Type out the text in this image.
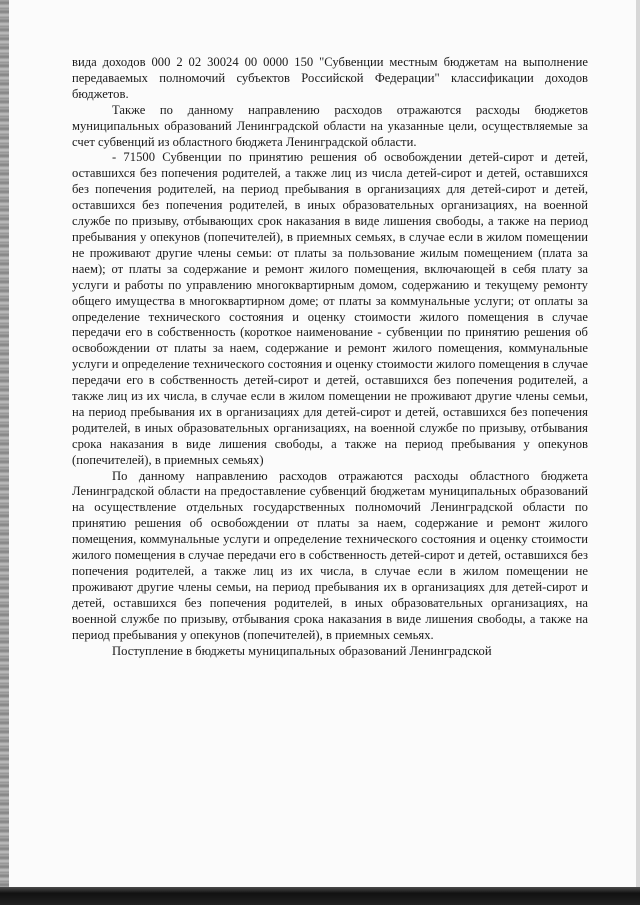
вида доходов 000 2 02 30024 00 0000 150 "Субвенции местным бюджетам на выполнение передаваемых полномочий субъектов Российской Федерации" классификации доходов бюджетов.

Также по данному направлению расходов отражаются расходы бюджетов муниципальных образований Ленинградской области на указанные цели, осуществляемые за счет субвенций из областного бюджета Ленинградской области.

- 71500 Субвенции по принятию решения об освобождении детей-сирот и детей, оставшихся без попечения родителей, а также лиц из числа детей-сирот и детей, оставшихся без попечения родителей, на период пребывания в организациях для детей-сирот и детей, оставшихся без попечения родителей, в иных образовательных организациях, на военной службе по призыву, отбывающих срок наказания в виде лишения свободы, а также на период пребывания у опекунов (попечителей), в приемных семьях, в случае если в жилом помещении не проживают другие члены семьи: от платы за пользование жилым помещением (плата за наем); от платы за содержание и ремонт жилого помещения, включающей в себя плату за услуги и работы по управлению многоквартирным домом, содержанию и текущему ремонту общего имущества в многоквартирном доме; от платы за коммунальные услуги; от оплаты за определение технического состояния и оценку стоимости жилого помещения в случае передачи его в собственность (короткое наименование - субвенции по принятию решения об освобождении от платы за наем, содержание и ремонт жилого помещения, коммунальные услуги и определение технического состояния и оценку стоимости жилого помещения в случае передачи его в собственность детей-сирот и детей, оставшихся без попечения родителей, а также лиц из их числа, в случае если в жилом помещении не проживают другие члены семьи, на период пребывания их в организациях для детей-сирот и детей, оставшихся без попечения родителей, в иных образовательных организациях, на военной службе по призыву, отбывания срока наказания в виде лишения свободы, а также на период пребывания у опекунов (попечителей), в приемных семьях)

По данному направлению расходов отражаются расходы областного бюджета Ленинградской области на предоставление субвенций бюджетам муниципальных образований на осуществление отдельных государственных полномочий Ленинградской области по принятию решения об освобождении от платы за наем, содержание и ремонт жилого помещения, коммунальные услуги и определение технического состояния и оценку стоимости жилого помещения в случае передачи его в собственность детей-сирот и детей, оставшихся без попечения родителей, а также лиц из их числа, в случае если в жилом помещении не проживают другие члены семьи, на период пребывания их в организациях для детей-сирот и детей, оставшихся без попечения родителей, в иных образовательных организациях, на военной службе по призыву, отбывания срока наказания в виде лишения свободы, а также на период пребывания у опекунов (попечителей), в приемных семьях.

Поступление в бюджеты муниципальных образований Ленинградской
